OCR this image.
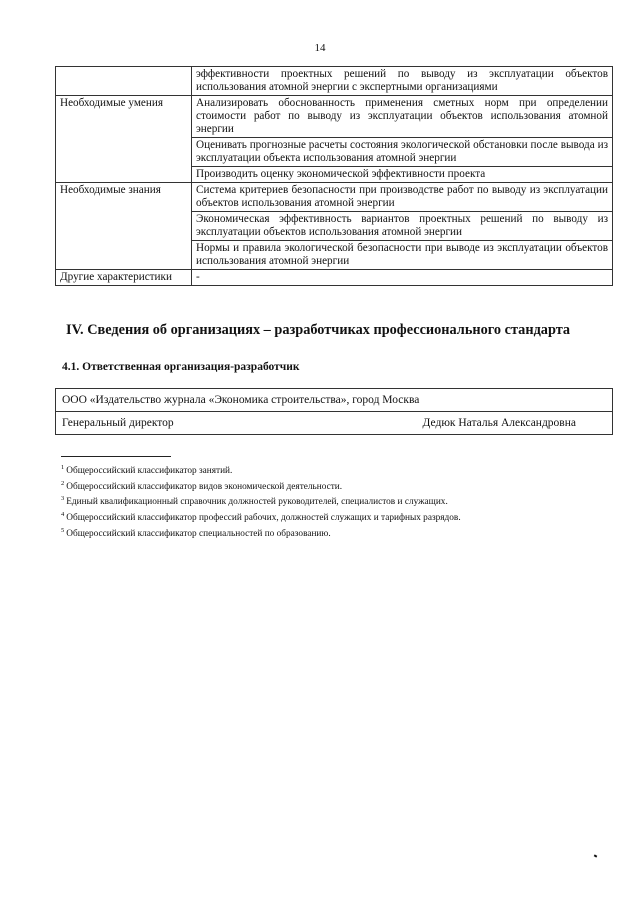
14
	эффективности проектных решений по выводу из эксплуатации объектов использования атомной энергии с экспертными организациями
Необходимые умения	Анализировать обоснованность применения сметных норм при определении стоимости работ по выводу из эксплуатации объектов использования атомной энергии
	Оценивать прогнозные расчеты состояния экологической обстановки после вывода из эксплуатации объекта использования атомной энергии
	Производить оценку экономической эффективности проекта
Необходимые знания	Система критериев безопасности при производстве работ по выводу из эксплуатации объектов использования атомной энергии
	Экономическая эффективность вариантов проектных решений по выводу из эксплуатации объектов использования атомной энергии
	Нормы и правила экологической безопасности при выводе из эксплуатации объектов использования атомной энергии
Другие характеристики	-
IV. Сведения об организациях – разработчиках профессионального стандарта
4.1. Ответственная организация-разработчик
ООО «Издательство журнала «Экономика строительства», город Москва

Генеральный директор	Дедюк Наталья Александровна
$^1$ Общероссийский классификатор занятий.
$^2$ Общероссийский классификатор видов экономической деятельности.
$^3$ Единый квалификационный справочник должностей руководителей, специалистов и служащих.
$^4$ Общероссийский классификатор профессий рабочих, должностей служащих и тарифных разрядов.
$^5$ Общероссийский классификатор специальностей по образованию.
